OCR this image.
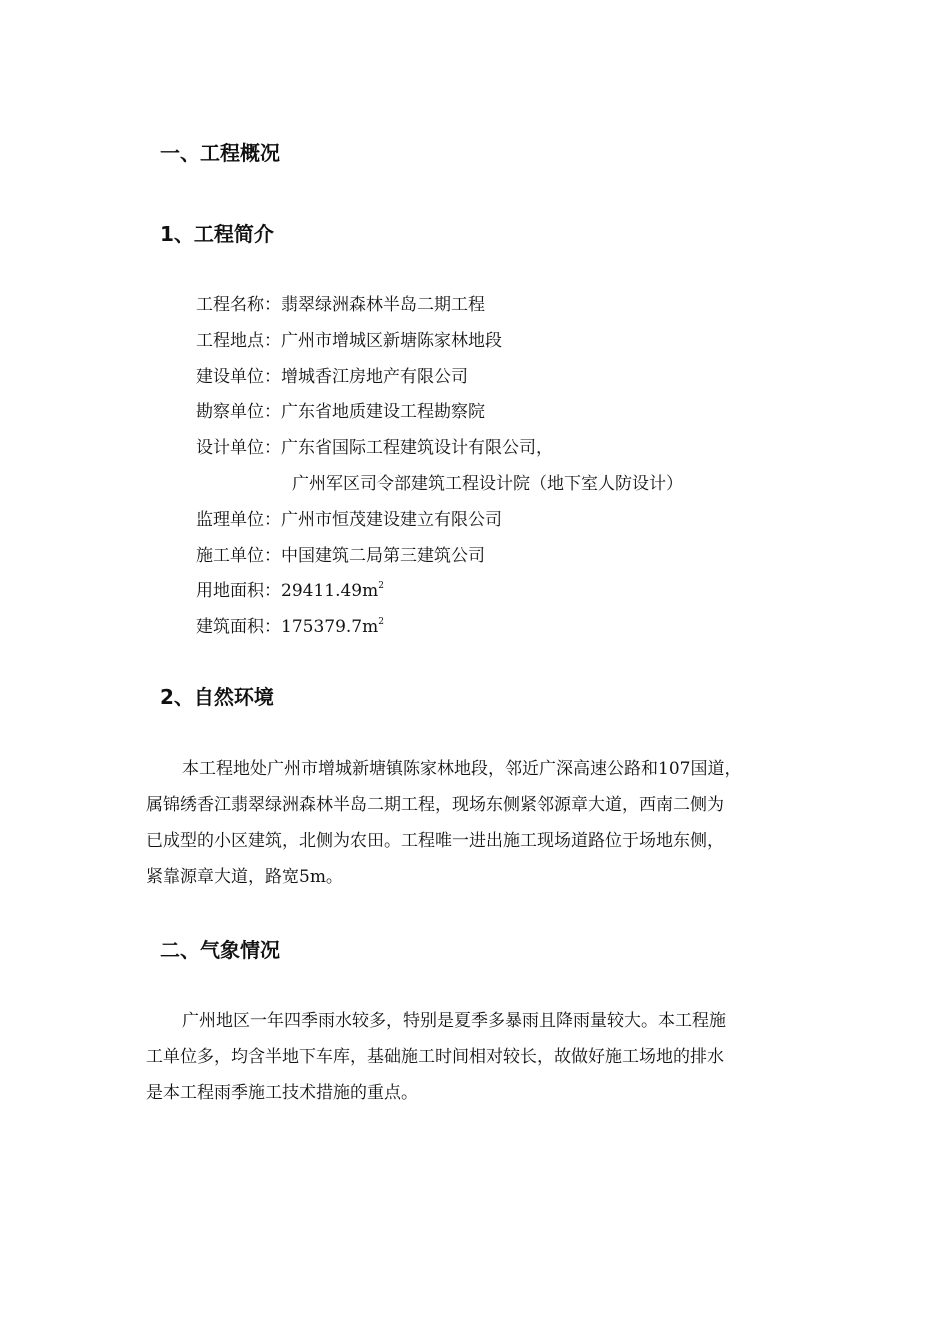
一、工程概况
1、工程简介
工程名称：翡翠绿洲森林半岛二期工程
工程地点：广州市增城区新塘陈家林地段
建设单位：增城香江房地产有限公司
勘察单位：广东省地质建设工程勘察院
设计单位：广东省国际工程建筑设计有限公司，
广州军区司令部建筑工程设计院（地下室人防设计）
监理单位：广州市恒茂建设建立有限公司
施工单位：中国建筑二局第三建筑公司
用地面积：$29411.49m^2$
建筑面积：$175379.7m^2$
2、自然环境
本工程地处广州市增城新塘镇陈家林地段，邻近广深高速公路和107国道，
属锦绣香江翡翠绿洲森林半岛二期工程，现场东侧紧邻源章大道，西南二侧为
已成型的小区建筑，北侧为农田。工程唯一进出施工现场道路位于场地东侧，
紧靠源章大道，路宽5m。
二、气象情况
广州地区一年四季雨水较多，特别是夏季多暴雨且降雨量较大。本工程施
工单位多，均含半地下车库，基础施工时间相对较长，故做好施工场地的排水
是本工程雨季施工技术措施的重点。
